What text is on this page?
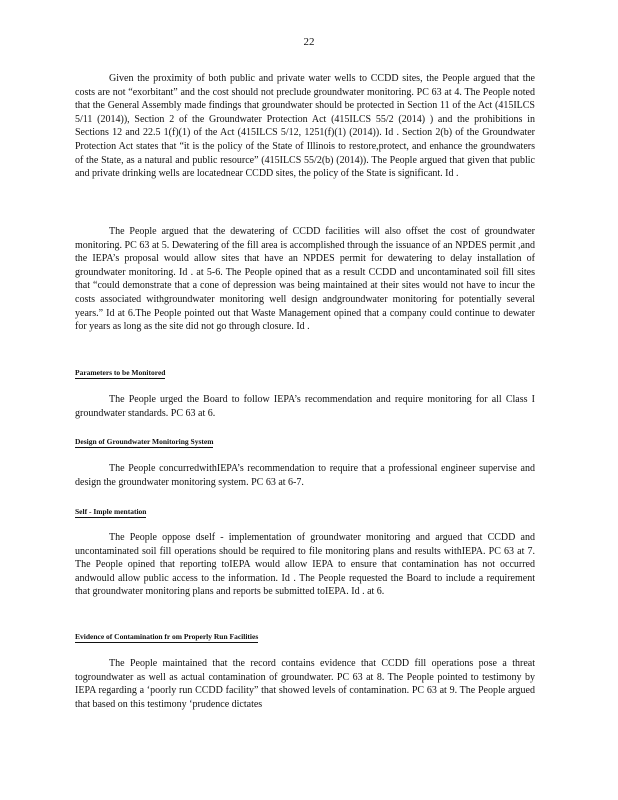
22

Given the proximity of both public and private water wells to CCDD sites, the People argued that the costs are not “exorbitant” and the cost should not preclude groundwater monitoring. PC 63 at 4. The People noted that the General Assembly made findings that groundwater should be protected in Section 11 of the Act (415ILCS 5/11 (2014)), Section 2 of the Groundwater Protection Act (415ILCS 55/2 (2014) ) and the prohibitions in Sections 12 and 22.5 1(f)(1) of the Act (415ILCS 5/12, 1251(f)(1) (2014)). Id . Section 2(b) of the Groundwater Protection Act states that “it is the policy of the State of Illinois to restore,protect, and enhance the groundwaters of the State, as a natural and public resource” (415ILCS 55/2(b) (2014)). The People argued that given that public and private drinking wells are locatednear CCDD sites, the policy of the State is significant. Id .

The People argued that the dewatering of CCDD facilities will also offset the cost of groundwater monitoring. PC 63 at 5. Dewatering of the fill area is accomplished through the issuance of an NPDES permit ,and the IEPA’s proposal would allow sites that have an NPDES permit for dewatering to delay installation of groundwater monitoring. Id . at 5-6. The People opined that as a result CCDD and uncontaminated soil fill sites that “could demonstrate that a cone of depression was being maintained at their sites would not have to incur the costs associated withgroundwater monitoring well design andgroundwater monitoring for potentially several years.” Id at 6.The People pointed out that Waste Management opined that a company could continue to dewater for years as long as the site did not go through closure. Id .

Parameters to be Monitored

The People urged the Board to follow IEPA’s recommendation and require monitoring for all Class I groundwater standards. PC 63 at 6.

Design of Groundwater Monitoring System

The People concurredwithIEPA’s recommendation to require that a professional engineer supervise and design the groundwater monitoring system. PC 63 at 6-7.

Self - Imple mentation

The People oppose dself - implementation of groundwater monitoring and argued that CCDD and uncontaminated soil fill operations should be required to file monitoring plans and results withIEPA. PC 63 at 7. The People opined that reporting toIEPA would allow IEPA to ensure that contamination has not occurred andwould allow public access to the information. Id . The People requested the Board to include a requirement that groundwater monitoring plans and reports be submitted toIEPA. Id . at 6.

Evidence of Contamination fr om Properly Run Facilities

The People maintained that the record contains evidence that CCDD fill operations pose a threat togroundwater as well as actual contamination of groundwater. PC 63 at 8. The People pointed to testimony by IEPA regarding a ‘poorly run CCDD facility” that showed levels of contamination. PC 63 at 9. The People argued that based on this testimony ‘prudence dictates
